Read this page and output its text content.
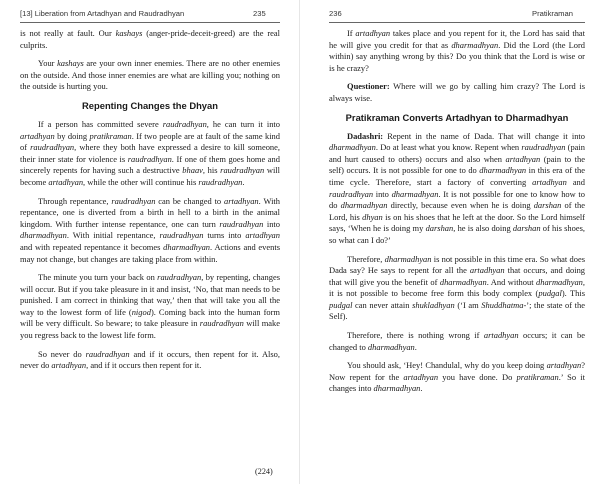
[13] Liberation from Artadhyan and Raudradhyan	235

is not really at fault. Our kashays (anger-pride-deceit-greed) are the real culprits.

Your kashays are your own inner enemies. There are no other enemies on the outside. And those inner enemies are what are killing you; nothing on the outside is hurting you.

Repenting Changes the Dhyan

If a person has committed severe raudradhyan, he can turn it into artadhyan by doing pratikraman. If two people are at fault of the same kind of raudradhyan, where they both have expressed a desire to kill someone, their inner state for violence is raudradhyan. If one of them goes home and sincerely repents for having such a destructive bhaav, his raudradhyan will become artadhyan, while the other will continue his raudradhyan.

Through repentance, raudradhyan can be changed to artadhyan. With repentance, one is diverted from a birth in hell to a birth in the animal kingdom. With further intense repentance, one can turn raudradhyan into dharmadhyan. With initial repentance, raudradhyan turns into artadhyan and with repeated repentance it becomes dharmadhyan. Actions and events may not change, but changes are taking place from within.

The minute you turn your back on raudradhyan, by repenting, changes will occur. But if you take pleasure in it and insist, ‘No, that man needs to be punished. I am correct in thinking that way,’ then that will take you all the way to the lowest form of life (nigod). Coming back into the human form will be very difficult. So beware; to take pleasure in raudradhyan will make you regress back to the lowest life form.

So never do raudradhyan and if it occurs, then repent for it. Also, never do artadhyan, and if it occurs then repent for it.

(224)
236	Pratikraman

If artadhyan takes place and you repent for it, the Lord has said that he will give you credit for that as dharmadhyan. Did the Lord (the Lord within) say anything wrong by this? Do you think that the Lord is wise or is he crazy?

Questioner: Where will we go by calling him crazy? The Lord is always wise.

Pratikraman Converts Artadhyan to Dharmadhyan

Dadashri: Repent in the name of Dada. That will change it into dharmadhyan. Do at least what you know. Repent when raudradhyan (pain and hurt caused to others) occurs and also when artadhyan (pain to the self) occurs. It is not possible for one to do dharmadhyan in this era of the time cycle. Therefore, start a factory of converting artadhyan and raudradhyan into dharmadhyan. It is not possible for one to know how to do dharmadhyan directly, because even when he is doing darshan of the Lord, his dhyan is on his shoes that he left at the door. So the Lord himself says, ‘When he is doing my darshan, he is also doing darshan of his shoes, so what can I do?’

Therefore, dharmadhyan is not possible in this time era. So what does Dada say? He says to repent for all the artadhyan that occurs, and doing that will give you the benefit of dharmadhyan. And without dharmadhyan, it is not possible to become free form this body complex (pudgal). This pudgal can never attain shukladhyan (‘I am Shuddhatma-’; the state of the Self).

Therefore, there is nothing wrong if artadhyan occurs; it can be changed to dharmadhyan.

You should ask, ‘Hey! Chandulal, why do you keep doing artadhyan? Now repent for the artadhyan you have done. Do pratikraman.’ So it changes into dharmadhyan.
